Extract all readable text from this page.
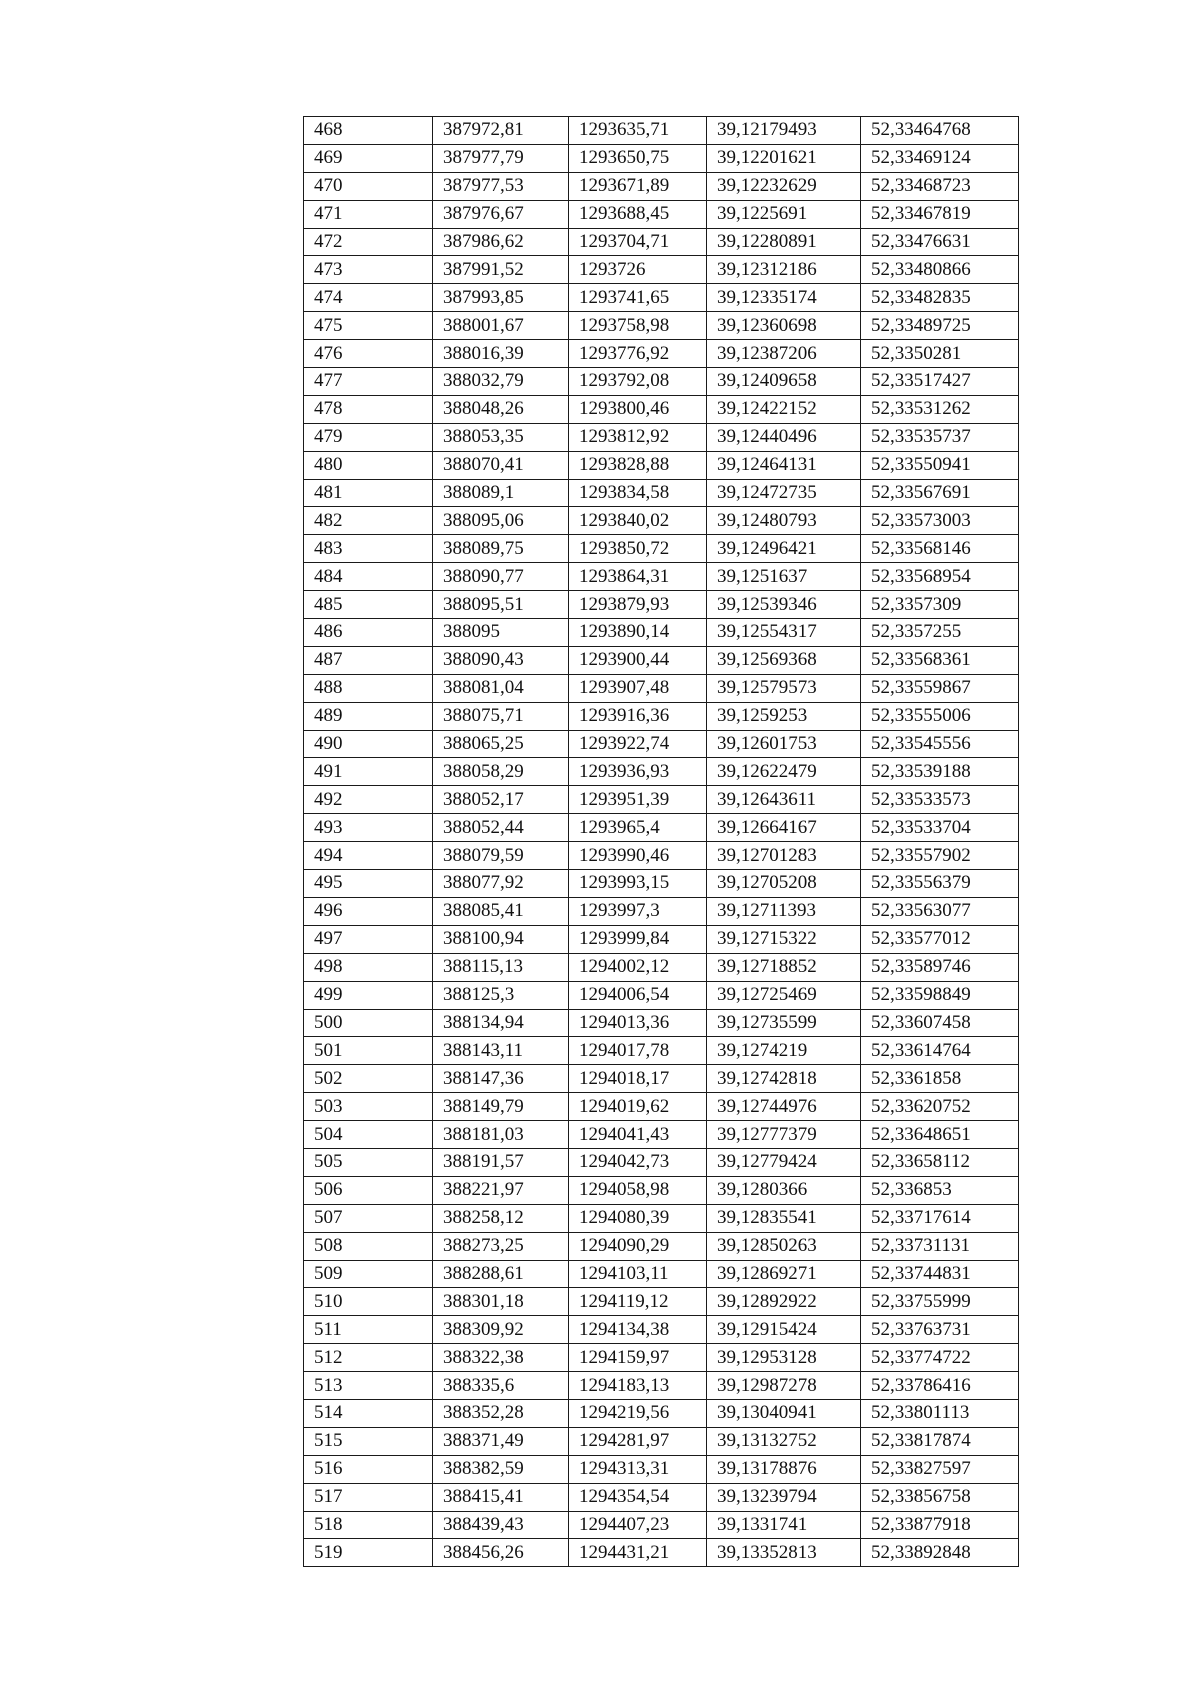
468	387972,81	1293635,71	39,12179493	52,33464768
469	387977,79	1293650,75	39,12201621	52,33469124
470	387977,53	1293671,89	39,12232629	52,33468723
471	387976,67	1293688,45	39,1225691	52,33467819
472	387986,62	1293704,71	39,12280891	52,33476631
473	387991,52	1293726	39,12312186	52,33480866
474	387993,85	1293741,65	39,12335174	52,33482835
475	388001,67	1293758,98	39,12360698	52,33489725
476	388016,39	1293776,92	39,12387206	52,3350281
477	388032,79	1293792,08	39,12409658	52,33517427
478	388048,26	1293800,46	39,12422152	52,33531262
479	388053,35	1293812,92	39,12440496	52,33535737
480	388070,41	1293828,88	39,12464131	52,33550941
481	388089,1	1293834,58	39,12472735	52,33567691
482	388095,06	1293840,02	39,12480793	52,33573003
483	388089,75	1293850,72	39,12496421	52,33568146
484	388090,77	1293864,31	39,1251637	52,33568954
485	388095,51	1293879,93	39,12539346	52,3357309
486	388095	1293890,14	39,12554317	52,3357255
487	388090,43	1293900,44	39,12569368	52,33568361
488	388081,04	1293907,48	39,12579573	52,33559867
489	388075,71	1293916,36	39,1259253	52,33555006
490	388065,25	1293922,74	39,12601753	52,33545556
491	388058,29	1293936,93	39,12622479	52,33539188
492	388052,17	1293951,39	39,12643611	52,33533573
493	388052,44	1293965,4	39,12664167	52,33533704
494	388079,59	1293990,46	39,12701283	52,33557902
495	388077,92	1293993,15	39,12705208	52,33556379
496	388085,41	1293997,3	39,12711393	52,33563077
497	388100,94	1293999,84	39,12715322	52,33577012
498	388115,13	1294002,12	39,12718852	52,33589746
499	388125,3	1294006,54	39,12725469	52,33598849
500	388134,94	1294013,36	39,12735599	52,33607458
501	388143,11	1294017,78	39,1274219	52,33614764
502	388147,36	1294018,17	39,12742818	52,3361858
503	388149,79	1294019,62	39,12744976	52,33620752
504	388181,03	1294041,43	39,12777379	52,33648651
505	388191,57	1294042,73	39,12779424	52,33658112
506	388221,97	1294058,98	39,1280366	52,336853
507	388258,12	1294080,39	39,12835541	52,33717614
508	388273,25	1294090,29	39,12850263	52,33731131
509	388288,61	1294103,11	39,12869271	52,33744831
510	388301,18	1294119,12	39,12892922	52,33755999
511	388309,92	1294134,38	39,12915424	52,33763731
512	388322,38	1294159,97	39,12953128	52,33774722
513	388335,6	1294183,13	39,12987278	52,33786416
514	388352,28	1294219,56	39,13040941	52,33801113
515	388371,49	1294281,97	39,13132752	52,33817874
516	388382,59	1294313,31	39,13178876	52,33827597
517	388415,41	1294354,54	39,13239794	52,33856758
518	388439,43	1294407,23	39,1331741	52,33877918
519	388456,26	1294431,21	39,13352813	52,33892848
